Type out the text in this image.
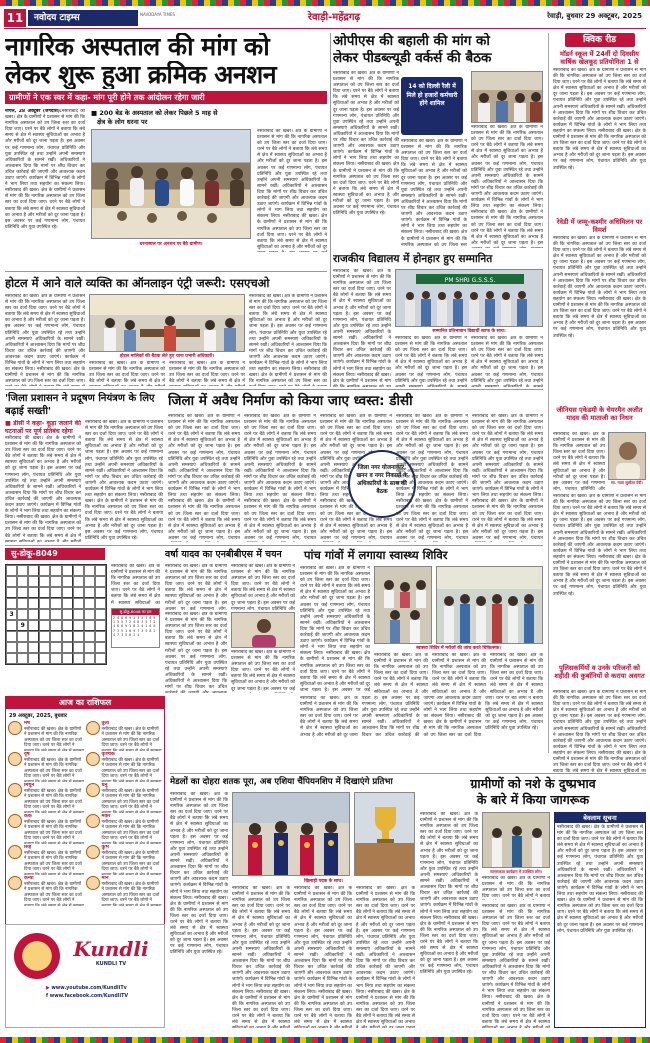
11	नवोदय टाइम्स	NAVODAYA TIMES	रेवाड़ी-महेंद्रगढ़	रेवाड़ी, बुधवार 29 अक्टूबर, 2025
नागरिक अस्पताल की मांग को
लेकर शुरू हुआ क्रमिक अनशन
ग्रामीणों ने एक स्वर में कहा- मांग पूरी होने तक आंदोलन रहेगा जारी
नांगल, 28 अक्टूबर (जगदीश): नसीराबाद की खबर। क्षेत्र के ग्रामीणों ने प्रशासन से मांग की कि नागरिक अस्पताल को उप जिला स्तर का दर्जा दिया जाए। धरने पर बैठे लोगों ने बताया कि लंबे समय से क्षेत्र में स्वास्थ्य सुविधाओं का अभाव है और मरीजों को दूर जाना पड़ता है। इस अवसर पर कई गणमान्य लोग, पंचायत प्रतिनिधि और युवा उपस्थित रहे तथा उन्होंने अपनी समस्याएं अधिकारियों के सामने रखीं। अधिकारियों ने आश्वासन दिया कि मांगों पर शीघ्र विचार कर उचित कार्रवाई की जाएगी और आवश्यक कदम उठाए जाएंगे। कार्यक्रम में विभिन्न गांवों के लोगों ने भाग लिया तथा सहयोग का संकल्प लिया। नसीराबाद की खबर। क्षेत्र के ग्रामीणों ने प्रशासन से मांग की कि नागरिक अस्पताल को उप जिला स्तर का दर्जा दिया जाए। धरने पर बैठे लोगों ने बताया कि लंबे समय से क्षेत्र में स्वास्थ्य सुविधाओं का अभाव है और मरीजों को दूर जाना पड़ता है। इस अवसर पर कई गणमान्य लोग, पंचायत प्रतिनिधि और युवा उपस्थित रहे।	■ 200 बेड के अस्पताल को लेकर पिछले 5 माह से
क्षेत्र के लोग धरना पर
धरनास्थल पर अनशन पर बैठे ग्रामीण।
नसीराबाद की खबर। क्षेत्र के ग्रामीणों ने प्रशासन से मांग की कि नागरिक अस्पताल को उप जिला स्तर का दर्जा दिया जाए। धरने पर बैठे लोगों ने बताया कि लंबे समय से क्षेत्र में स्वास्थ्य सुविधाओं का अभाव है और मरीजों को दूर जाना पड़ता है। इस अवसर पर कई गणमान्य लोग, पंचायत प्रतिनिधि और युवा उपस्थित रहे तथा उन्होंने अपनी समस्याएं अधिकारियों के सामने रखीं। अधिकारियों ने आश्वासन दिया कि मांगों पर शीघ्र विचार कर उचित कार्रवाई की जाएगी और आवश्यक कदम उठाए जाएंगे। कार्यक्रम में विभिन्न गांवों के लोगों ने भाग लिया तथा सहयोग का संकल्प लिया। नसीराबाद की खबर। क्षेत्र के ग्रामीणों ने प्रशासन से मांग की कि नागरिक अस्पताल को उप जिला स्तर का दर्जा दिया जाए। धरने पर बैठे लोगों ने बताया कि लंबे समय से क्षेत्र में स्वास्थ्य सुविधाओं का अभाव है और मरीजों को दूर जाना पड़ता है। इस अवसर पर कई गणमान्य लोग, पंचायत प्रतिनिधि और युवा उपस्थित रहे।
ओपीएस की बहाली की मांग को
लेकर पीडब्ल्यूडी वर्कर्स की बैठक
नसीराबाद की खबर। क्षेत्र के ग्रामीणों ने प्रशासन से मांग की कि नागरिक अस्पताल को उप जिला स्तर का दर्जा दिया जाए। धरने पर बैठे लोगों ने बताया कि लंबे समय से क्षेत्र में स्वास्थ्य सुविधाओं का अभाव है और मरीजों को दूर जाना पड़ता है। इस अवसर पर कई गणमान्य लोग, पंचायत प्रतिनिधि और युवा उपस्थित रहे तथा उन्होंने अपनी समस्याएं अधिकारियों के सामने रखीं। अधिकारियों ने आश्वासन दिया कि मांगों पर शीघ्र विचार कर उचित कार्रवाई की जाएगी और आवश्यक कदम उठाए जाएंगे। कार्यक्रम में विभिन्न गांवों के लोगों ने भाग लिया तथा सहयोग का संकल्प लिया। नसीराबाद की खबर। क्षेत्र के ग्रामीणों ने प्रशासन से मांग की कि नागरिक अस्पताल को उप जिला स्तर का दर्जा दिया जाए। धरने पर बैठे लोगों ने बताया कि लंबे समय से क्षेत्र में स्वास्थ्य सुविधाओं का अभाव है और मरीजों को दूर जाना पड़ता है। इस अवसर पर कई गणमान्य लोग, पंचायत प्रतिनिधि और युवा उपस्थित रहे।
14 को दिल्ली रैली में मिले हो हजारों कर्मचारी होंगे शामिल
नसीराबाद की खबर। क्षेत्र के ग्रामीणों ने प्रशासन से मांग की कि नागरिक अस्पताल को उप जिला स्तर का दर्जा दिया जाए। धरने पर बैठे लोगों ने बताया कि लंबे समय से क्षेत्र में स्वास्थ्य सुविधाओं का अभाव है और मरीजों को दूर जाना पड़ता है। इस अवसर पर कई गणमान्य लोग, पंचायत प्रतिनिधि और युवा उपस्थित रहे तथा उन्होंने अपनी समस्याएं अधिकारियों के सामने रखीं। अधिकारियों ने आश्वासन दिया कि मांगों पर शीघ्र विचार कर उचित कार्रवाई की जाएगी और आवश्यक कदम उठाए जाएंगे। कार्यक्रम में विभिन्न गांवों के लोगों ने भाग लिया तथा सहयोग का संकल्प लिया। नसीराबाद की खबर। क्षेत्र के ग्रामीणों ने प्रशासन से मांग की कि नागरिक अस्पताल को उप जिला स्तर का दर्जा दिया जाए। धरने पर बैठे लोगों ने बताया कि लंबे समय से क्षेत्र में स्वास्थ्य सुविधाओं का अभाव है और मरीजों को दूर जाना पड़ता है। इस अवसर पर कई गणमान्य लोग, पंचायत प्रतिनिधि और युवा उपस्थित रहे।
नसीराबाद की खबर। क्षेत्र के ग्रामीणों ने प्रशासन से मांग की कि नागरिक अस्पताल को उप जिला स्तर का दर्जा दिया जाए। धरने पर बैठे लोगों ने बताया कि लंबे समय से क्षेत्र में स्वास्थ्य सुविधाओं का अभाव है और मरीजों को दूर जाना पड़ता है। इस अवसर पर कई गणमान्य लोग, पंचायत प्रतिनिधि और युवा उपस्थित रहे तथा उन्होंने अपनी समस्याएं अधिकारियों के सामने रखीं। अधिकारियों ने आश्वासन दिया कि मांगों पर शीघ्र विचार कर उचित कार्रवाई की जाएगी और आवश्यक कदम उठाए जाएंगे। कार्यक्रम में विभिन्न गांवों के लोगों ने भाग लिया तथा सहयोग का संकल्प लिया। नसीराबाद की खबर। क्षेत्र के ग्रामीणों ने प्रशासन से मांग की कि नागरिक अस्पताल को उप जिला स्तर का दर्जा दिया जाए। धरने पर बैठे लोगों ने बताया कि लंबे समय से क्षेत्र में स्वास्थ्य सुविधाओं का अभाव है और मरीजों को दूर जाना पड़ता है। इस अवसर पर कई गणमान्य लोग, पंचायत प्रतिनिधि और युवा उपस्थित रहे।
क्विक रीड
मॉडर्न स्कूल में 24वीं दो दिवसीय वार्षिक खेलकूद प्रतियोगिता 1 से
नसीराबाद की खबर। क्षेत्र के ग्रामीणों ने प्रशासन से मांग की कि नागरिक अस्पताल को उप जिला स्तर का दर्जा दिया जाए। धरने पर बैठे लोगों ने बताया कि लंबे समय से क्षेत्र में स्वास्थ्य सुविधाओं का अभाव है और मरीजों को दूर जाना पड़ता है। इस अवसर पर कई गणमान्य लोग, पंचायत प्रतिनिधि और युवा उपस्थित रहे तथा उन्होंने अपनी समस्याएं अधिकारियों के सामने रखीं। अधिकारियों ने आश्वासन दिया कि मांगों पर शीघ्र विचार कर उचित कार्रवाई की जाएगी और आवश्यक कदम उठाए जाएंगे। कार्यक्रम में विभिन्न गांवों के लोगों ने भाग लिया तथा सहयोग का संकल्प लिया। नसीराबाद की खबर। क्षेत्र के ग्रामीणों ने प्रशासन से मांग की कि नागरिक अस्पताल को उप जिला स्तर का दर्जा दिया जाए। धरने पर बैठे लोगों ने बताया कि लंबे समय से क्षेत्र में स्वास्थ्य सुविधाओं का अभाव है और मरीजों को दूर जाना पड़ता है। इस अवसर पर कई गणमान्य लोग, पंचायत प्रतिनिधि और युवा उपस्थित रहे।
रेवेडी में जम्मू-कश्मीर अधिमिलन पर विमर्श
नसीराबाद की खबर। क्षेत्र के ग्रामीणों ने प्रशासन से मांग की कि नागरिक अस्पताल को उप जिला स्तर का दर्जा दिया जाए। धरने पर बैठे लोगों ने बताया कि लंबे समय से क्षेत्र में स्वास्थ्य सुविधाओं का अभाव है और मरीजों को दूर जाना पड़ता है। इस अवसर पर कई गणमान्य लोग, पंचायत प्रतिनिधि और युवा उपस्थित रहे तथा उन्होंने अपनी समस्याएं अधिकारियों के सामने रखीं। अधिकारियों ने आश्वासन दिया कि मांगों पर शीघ्र विचार कर उचित कार्रवाई की जाएगी और आवश्यक कदम उठाए जाएंगे। कार्यक्रम में विभिन्न गांवों के लोगों ने भाग लिया तथा सहयोग का संकल्प लिया। नसीराबाद की खबर। क्षेत्र के ग्रामीणों ने प्रशासन से मांग की कि नागरिक अस्पताल को उप जिला स्तर का दर्जा दिया जाए। धरने पर बैठे लोगों ने बताया कि लंबे समय से क्षेत्र में स्वास्थ्य सुविधाओं का अभाव है और मरीजों को दूर जाना पड़ता है। इस अवसर पर कई गणमान्य लोग, पंचायत प्रतिनिधि और युवा उपस्थित रहे।
जीनियस एकेडमी के चेयरमैन अजीत यादव की माताजी का निधन
नसीराबाद की खबर। क्षेत्र के ग्रामीणों ने प्रशासन से मांग की कि नागरिक अस्पताल को उप जिला स्तर का दर्जा दिया जाए। धरने पर बैठे लोगों ने बताया कि लंबे समय से क्षेत्र में स्वास्थ्य सुविधाओं का अभाव है और मरीजों को दूर जाना पड़ता है। इस अवसर पर कई गणमान्य लोग, पंचायत प्रतिनिधि और युवा उपस्थित रहे तथा उन्होंने अपनी समस्याएं अधिकारियों के सामने रखीं। अधिकारियों ने आश्वासन दिया कि मांगों पर शीघ्र विचार कर उचित कार्रवाई की जाएगी और आवश्यक कदम उठाए जाएंगे। कार्यक्रम में विभिन्न गांवों के लोगों ने भाग लिया तथा सहयोग का संकल्प लिया। नसीराबाद की खबर। क्षेत्र के ग्रामीणों ने प्रशासन से मांग की कि नागरिक अस्पताल को उप जिला स्तर का दर्जा दिया जाए। धरने पर बैठे लोगों ने बताया कि लंबे समय से क्षेत्र में स्वास्थ्य सुविधाओं का अभाव है और मरीजों को दूर जाना पड़ता है। इस अवसर पर कई गणमान्य लोग, पंचायत प्रतिनिधि और युवा उपस्थित रहे।
स्व. माता सुशीला देवी।
नसीराबाद की खबर। क्षेत्र के ग्रामीणों ने प्रशासन से मांग की कि नागरिक अस्पताल को उप जिला स्तर का दर्जा दिया जाए। धरने पर बैठे लोगों ने बताया कि लंबे समय से क्षेत्र में स्वास्थ्य सुविधाओं का अभाव है और मरीजों को दूर जाना पड़ता है। इस अवसर पर कई गणमान्य लोग, पंचायत प्रतिनिधि और युवा उपस्थित रहे तथा उन्होंने अपनी समस्याएं अधिकारियों के सामने रखीं। अधिकारियों ने आश्वासन दिया कि मांगों पर शीघ्र विचार कर उचित कार्रवाई की जाएगी और आवश्यक कदम उठाए जाएंगे। कार्यक्रम में विभिन्न गांवों के लोगों ने भाग लिया तथा सहयोग का संकल्प लिया। नसीराबाद की खबर। क्षेत्र के ग्रामीणों ने प्रशासन से मांग की कि नागरिक अस्पताल को उप जिला स्तर का दर्जा दिया जाए। धरने पर बैठे लोगों ने बताया कि लंबे समय से क्षेत्र में स्वास्थ्य सुविधाओं का अभाव है और मरीजों को दूर जाना पड़ता है। इस अवसर पर कई गणमान्य लोग, पंचायत प्रतिनिधि और युवा उपस्थित रहे।
पुलिसकर्मियों व उनके परिजनों को शहीदी की कुर्बानियों से कराया अवगत
नसीराबाद की खबर। क्षेत्र के ग्रामीणों ने प्रशासन से मांग की कि नागरिक अस्पताल को उप जिला स्तर का दर्जा दिया जाए। धरने पर बैठे लोगों ने बताया कि लंबे समय से क्षेत्र में स्वास्थ्य सुविधाओं का अभाव है और मरीजों को दूर जाना पड़ता है। इस अवसर पर कई गणमान्य लोग, पंचायत प्रतिनिधि और युवा उपस्थित रहे तथा उन्होंने अपनी समस्याएं अधिकारियों के सामने रखीं। अधिकारियों ने आश्वासन दिया कि मांगों पर शीघ्र विचार कर उचित कार्रवाई की जाएगी और आवश्यक कदम उठाए जाएंगे। कार्यक्रम में विभिन्न गांवों के लोगों ने भाग लिया तथा सहयोग का संकल्प लिया। नसीराबाद की खबर। क्षेत्र के ग्रामीणों ने प्रशासन से मांग की कि नागरिक अस्पताल को उप जिला स्तर का दर्जा दिया जाए। धरने पर बैठे लोगों ने बताया कि लंबे समय से क्षेत्र में स्वास्थ्य सुविधाओं का अभाव है और मरीजों को दूर जाना पड़ता है। इस अवसर पर कई गणमान्य लोग, पंचायत प्रतिनिधि और युवा उपस्थित रहे।
राजकीय विद्यालय में होनहार हुए सम्मानित
नसीराबाद की खबर। क्षेत्र के ग्रामीणों ने प्रशासन से मांग की कि नागरिक अस्पताल को उप जिला स्तर का दर्जा दिया जाए। धरने पर बैठे लोगों ने बताया कि लंबे समय से क्षेत्र में स्वास्थ्य सुविधाओं का अभाव है और मरीजों को दूर जाना पड़ता है। इस अवसर पर कई गणमान्य लोग, पंचायत प्रतिनिधि और युवा उपस्थित रहे तथा उन्होंने अपनी समस्याएं अधिकारियों के सामने रखीं। अधिकारियों ने आश्वासन दिया कि मांगों पर शीघ्र विचार कर उचित कार्रवाई की जाएगी और आवश्यक कदम उठाए जाएंगे। कार्यक्रम में विभिन्न गांवों के लोगों ने भाग लिया तथा सहयोग का संकल्प लिया। नसीराबाद की खबर। क्षेत्र के ग्रामीणों ने प्रशासन से मांग की कि नागरिक अस्पताल को उप जिला स्तर का दर्जा दिया जाए। धरने पर बैठे लोगों ने बताया कि लंबे समय से क्षेत्र में स्वास्थ्य सुविधाओं का अभाव है और मरीजों को दूर जाना पड़ता है। इस अवसर पर कई गणमान्य लोग, पंचायत प्रतिनिधि और युवा उपस्थित रहे।
PM SHRI G.S.S.S.
सम्मानित प्रतिभावान विद्यार्थी स्टाफ के साथ।
नसीराबाद की खबर। क्षेत्र के ग्रामीणों ने प्रशासन से मांग की कि नागरिक अस्पताल को उप जिला स्तर का दर्जा दिया जाए। धरने पर बैठे लोगों ने बताया कि लंबे समय से क्षेत्र में स्वास्थ्य सुविधाओं का अभाव है और मरीजों को दूर जाना पड़ता है। इस अवसर पर कई गणमान्य लोग, पंचायत प्रतिनिधि और युवा उपस्थित रहे तथा उन्होंने अपनी समस्याएं अधिकारियों के सामने रखीं। अधिकारियों ने आश्वासन दिया कि मांगों पर शीघ्र विचार कर उचित कार्रवाई की जाएगी और आवश्यक कदम उठाए जाएंगे। कार्यक्रम में विभिन्न गांवों के लोगों ने भाग लिया तथा सहयोग का संकल्प लिया। नसीराबाद की खबर। क्षेत्र के ग्रामीणों ने प्रशासन से मांग की कि नागरिक अस्पताल को उप जिला स्तर का दर्जा दिया जाए। धरने पर बैठे लोगों ने बताया कि लंबे समय से क्षेत्र में स्वास्थ्य सुविधाओं का अभाव है और मरीजों को दूर जाना पड़ता है। इस अवसर पर कई गणमान्य लोग, पंचायत प्रतिनिधि और युवा उपस्थित रहे।
नसीराबाद की खबर। क्षेत्र के ग्रामीणों ने प्रशासन से मांग की कि नागरिक अस्पताल को उप जिला स्तर का दर्जा दिया जाए। धरने पर बैठे लोगों ने बताया कि लंबे समय से क्षेत्र में स्वास्थ्य सुविधाओं का अभाव है और मरीजों को दूर जाना पड़ता है। इस अवसर पर कई गणमान्य लोग, पंचायत प्रतिनिधि और युवा उपस्थित रहे तथा उन्होंने अपनी समस्याएं अधिकारियों के सामने रखीं। अधिकारियों ने आश्वासन दिया कि मांगों पर शीघ्र विचार कर उचित कार्रवाई की जाएगी और आवश्यक कदम उठाए जाएंगे। कार्यक्रम में विभिन्न गांवों के लोगों ने भाग लिया तथा सहयोग का संकल्प लिया। नसीराबाद की खबर। क्षेत्र के ग्रामीणों ने प्रशासन से मांग की कि नागरिक अस्पताल को उप जिला स्तर का दर्जा दिया जाए। धरने पर बैठे लोगों ने बताया कि लंबे समय से क्षेत्र में स्वास्थ्य सुविधाओं का अभाव है और मरीजों को दूर जाना पड़ता है। इस अवसर पर कई गणमान्य लोग, पंचायत प्रतिनिधि और युवा उपस्थित रहे।
होटल में आने वाले व्यक्ति का ऑनलाइन एंट्री जरूरी: एसएचओ
नसीराबाद की खबर। क्षेत्र के ग्रामीणों ने प्रशासन से मांग की कि नागरिक अस्पताल को उप जिला स्तर का दर्जा दिया जाए। धरने पर बैठे लोगों ने बताया कि लंबे समय से क्षेत्र में स्वास्थ्य सुविधाओं का अभाव है और मरीजों को दूर जाना पड़ता है। इस अवसर पर कई गणमान्य लोग, पंचायत प्रतिनिधि और युवा उपस्थित रहे तथा उन्होंने अपनी समस्याएं अधिकारियों के सामने रखीं। अधिकारियों ने आश्वासन दिया कि मांगों पर शीघ्र विचार कर उचित कार्रवाई की जाएगी और आवश्यक कदम उठाए जाएंगे। कार्यक्रम में विभिन्न गांवों के लोगों ने भाग लिया तथा सहयोग का संकल्प लिया। नसीराबाद की खबर। क्षेत्र के ग्रामीणों ने प्रशासन से मांग की कि नागरिक अस्पताल को उप जिला स्तर का दर्जा दिया जाए। धरने पर बैठे लोगों ने बताया कि लंबे समय से क्षेत्र में स्वास्थ्य सुविधाओं का अभाव है और मरीजों को दूर जाना पड़ता है। इस अवसर पर कई गणमान्य लोग, पंचायत प्रतिनिधि और युवा उपस्थित रहे।
होटल मालिकों की बैठक लेते हुए थाना प्रभारी अधिकारी।
नसीराबाद की खबर। क्षेत्र के ग्रामीणों ने प्रशासन से मांग की कि नागरिक अस्पताल को उप जिला स्तर का दर्जा दिया जाए। धरने पर बैठे लोगों ने बताया कि लंबे समय से क्षेत्र में स्वास्थ्य सुविधाओं का अभाव है और मरीजों को दूर जाना पड़ता है। इस अवसर पर कई गणमान्य लोग, पंचायत प्रतिनिधि और युवा उपस्थित रहे तथा उन्होंने अपनी समस्याएं अधिकारियों के सामने रखीं। अधिकारियों ने आश्वासन दिया कि मांगों पर शीघ्र विचार कर उचित कार्रवाई की जाएगी और आवश्यक कदम उठाए जाएंगे। कार्यक्रम में विभिन्न गांवों के लोगों ने भाग लिया तथा सहयोग का संकल्प लिया। नसीराबाद की खबर। क्षेत्र के ग्रामीणों ने प्रशासन से मांग की कि नागरिक अस्पताल को उप जिला स्तर का दर्जा दिया जाए। धरने पर बैठे लोगों ने बताया कि लंबे समय से क्षेत्र में स्वास्थ्य सुविधाओं का अभाव है और मरीजों को दूर जाना पड़ता है। इस अवसर पर कई गणमान्य लोग, पंचायत प्रतिनिधि और युवा उपस्थित रहे।
नसीराबाद की खबर। क्षेत्र के ग्रामीणों ने प्रशासन से मांग की कि नागरिक अस्पताल को उप जिला स्तर का दर्जा दिया जाए। धरने पर बैठे लोगों ने बताया कि लंबे समय से क्षेत्र में स्वास्थ्य सुविधाओं का अभाव है और मरीजों को दूर जाना पड़ता है। इस अवसर पर कई गणमान्य लोग, पंचायत प्रतिनिधि और युवा उपस्थित रहे तथा उन्होंने अपनी समस्याएं अधिकारियों के सामने रखीं। अधिकारियों ने आश्वासन दिया कि मांगों पर शीघ्र विचार कर उचित कार्रवाई की जाएगी और आवश्यक कदम उठाए जाएंगे। कार्यक्रम में विभिन्न गांवों के लोगों ने भाग लिया तथा सहयोग का संकल्प लिया। नसीराबाद की खबर। क्षेत्र के ग्रामीणों ने प्रशासन से मांग की कि नागरिक अस्पताल को उप जिला स्तर का दर्जा दिया जाए। धरने पर बैठे लोगों ने बताया कि लंबे समय से क्षेत्र में स्वास्थ्य सुविधाओं का अभाव है और मरीजों को दूर जाना पड़ता है। इस अवसर पर कई गणमान्य लोग, पंचायत प्रतिनिधि और युवा उपस्थित रहे।
नसीराबाद की खबर। क्षेत्र के ग्रामीणों ने प्रशासन से मांग की कि नागरिक अस्पताल को उप जिला स्तर का दर्जा दिया जाए। धरने पर बैठे लोगों ने बताया कि लंबे समय से क्षेत्र में स्वास्थ्य सुविधाओं का अभाव है और मरीजों को दूर जाना पड़ता है। इस अवसर पर कई गणमान्य लोग, पंचायत प्रतिनिधि और युवा उपस्थित रहे तथा उन्होंने अपनी समस्याएं अधिकारियों के सामने रखीं। अधिकारियों ने आश्वासन दिया कि मांगों पर शीघ्र विचार कर उचित कार्रवाई की जाएगी और आवश्यक कदम उठाए जाएंगे। कार्यक्रम में विभिन्न गांवों के लोगों ने भाग लिया तथा सहयोग का संकल्प लिया। नसीराबाद की खबर। क्षेत्र के ग्रामीणों ने प्रशासन से मांग की कि नागरिक अस्पताल को उप जिला स्तर का दर्जा दिया जाए। धरने पर बैठे लोगों ने बताया कि लंबे समय से क्षेत्र में स्वास्थ्य सुविधाओं का अभाव है और मरीजों को दूर जाना पड़ता है। इस अवसर पर कई गणमान्य लोग, पंचायत प्रतिनिधि और युवा उपस्थित रहे।
'जिला प्रशासन ने प्रदूषण नियंत्रण के लिए बढ़ाई सख्ती'
■ डीसी ने कहा- कूड़ा जलाने की घटनाओं पर पूर्ण प्रतिबंध रहेगा
नसीराबाद की खबर। क्षेत्र के ग्रामीणों ने प्रशासन से मांग की कि नागरिक अस्पताल को उप जिला स्तर का दर्जा दिया जाए। धरने पर बैठे लोगों ने बताया कि लंबे समय से क्षेत्र में स्वास्थ्य सुविधाओं का अभाव है और मरीजों को दूर जाना पड़ता है। इस अवसर पर कई गणमान्य लोग, पंचायत प्रतिनिधि और युवा उपस्थित रहे तथा उन्होंने अपनी समस्याएं अधिकारियों के सामने रखीं। अधिकारियों ने आश्वासन दिया कि मांगों पर शीघ्र विचार कर उचित कार्रवाई की जाएगी और आवश्यक कदम उठाए जाएंगे। कार्यक्रम में विभिन्न गांवों के लोगों ने भाग लिया तथा सहयोग का संकल्प लिया। नसीराबाद की खबर। क्षेत्र के ग्रामीणों ने प्रशासन से मांग की कि नागरिक अस्पताल को उप जिला स्तर का दर्जा दिया जाए। धरने पर बैठे लोगों ने बताया कि लंबे समय से क्षेत्र में स्वास्थ्य सुविधाओं का अभाव है और मरीजों को दूर जाना पड़ता है। इस अवसर पर कई गणमान्य लोग, पंचायत प्रतिनिधि और युवा उपस्थित रहे।
नसीराबाद की खबर। क्षेत्र के ग्रामीणों ने प्रशासन से मांग की कि नागरिक अस्पताल को उप जिला स्तर का दर्जा दिया जाए। धरने पर बैठे लोगों ने बताया कि लंबे समय से क्षेत्र में स्वास्थ्य सुविधाओं का अभाव है और मरीजों को दूर जाना पड़ता है। इस अवसर पर कई गणमान्य लोग, पंचायत प्रतिनिधि और युवा उपस्थित रहे तथा उन्होंने अपनी समस्याएं अधिकारियों के सामने रखीं। अधिकारियों ने आश्वासन दिया कि मांगों पर शीघ्र विचार कर उचित कार्रवाई की जाएगी और आवश्यक कदम उठाए जाएंगे। कार्यक्रम में विभिन्न गांवों के लोगों ने भाग लिया तथा सहयोग का संकल्प लिया। नसीराबाद की खबर। क्षेत्र के ग्रामीणों ने प्रशासन से मांग की कि नागरिक अस्पताल को उप जिला स्तर का दर्जा दिया जाए। धरने पर बैठे लोगों ने बताया कि लंबे समय से क्षेत्र में स्वास्थ्य सुविधाओं का अभाव है और मरीजों को दूर जाना पड़ता है। इस अवसर पर कई गणमान्य लोग, पंचायत प्रतिनिधि और युवा उपस्थित रहे।
जिला में अवैध निर्माण को किया जाए ध्वस्त: डीसी
नसीराबाद की खबर। क्षेत्र के ग्रामीणों ने प्रशासन से मांग की कि नागरिक अस्पताल को उप जिला स्तर का दर्जा दिया जाए। धरने पर बैठे लोगों ने बताया कि लंबे समय से क्षेत्र में स्वास्थ्य सुविधाओं का अभाव है और मरीजों को दूर जाना पड़ता है। इस अवसर पर कई गणमान्य लोग, पंचायत प्रतिनिधि और युवा उपस्थित रहे तथा उन्होंने अपनी समस्याएं अधिकारियों के सामने रखीं। अधिकारियों ने आश्वासन दिया कि मांगों पर शीघ्र विचार कर उचित कार्रवाई की जाएगी और आवश्यक कदम उठाए जाएंगे। कार्यक्रम में विभिन्न गांवों के लोगों ने भाग लिया तथा सहयोग का संकल्प लिया। नसीराबाद की खबर। क्षेत्र के ग्रामीणों ने प्रशासन से मांग की कि नागरिक अस्पताल को उप जिला स्तर का दर्जा दिया जाए। धरने पर बैठे लोगों ने बताया कि लंबे समय से क्षेत्र में स्वास्थ्य सुविधाओं का अभाव है और मरीजों को दूर जाना पड़ता है। इस अवसर पर कई गणमान्य लोग, पंचायत प्रतिनिधि और युवा उपस्थित रहे।
नसीराबाद की खबर। क्षेत्र के ग्रामीणों ने प्रशासन से मांग की कि नागरिक अस्पताल को उप जिला स्तर का दर्जा दिया जाए। धरने पर बैठे लोगों ने बताया कि लंबे समय से क्षेत्र में स्वास्थ्य सुविधाओं का अभाव है और मरीजों को दूर जाना पड़ता है। इस अवसर पर कई गणमान्य लोग, पंचायत प्रतिनिधि और युवा उपस्थित रहे तथा उन्होंने अपनी समस्याएं अधिकारियों के सामने रखीं। अधिकारियों ने आश्वासन दिया कि मांगों पर शीघ्र विचार कर उचित कार्रवाई की जाएगी और आवश्यक कदम उठाए जाएंगे। कार्यक्रम में विभिन्न गांवों के लोगों ने भाग लिया तथा सहयोग का संकल्प लिया। नसीराबाद की खबर। क्षेत्र के ग्रामीणों ने प्रशासन से मांग की कि नागरिक अस्पताल को उप जिला स्तर का दर्जा दिया जाए। धरने पर बैठे लोगों ने बताया कि लंबे समय से क्षेत्र में स्वास्थ्य सुविधाओं का अभाव है और मरीजों को दूर जाना पड़ता है। इस अवसर पर कई गणमान्य लोग, पंचायत प्रतिनिधि और युवा उपस्थित रहे।
नसीराबाद की खबर। क्षेत्र के ग्रामीणों ने प्रशासन से मांग की कि नागरिक अस्पताल को उप जिला स्तर का दर्जा दिया जाए। धरने पर बैठे लोगों ने बताया कि लंबे समय से क्षेत्र में स्वास्थ्य सुविधाओं का अभाव है और मरीजों को दूर जाना पड़ता है। इस अवसर पर कई गणमान्य लोग, पंचायत प्रतिनिधि और युवा उपस्थित रहे तथा उन्होंने अपनी समस्याएं अधिकारियों के सामने रखीं। अधिकारियों ने आश्वासन दिया कि मांगों पर शीघ्र विचार कर उचित कार्रवाई की जाएगी और आवश्यक कदम उठाए जाएंगे। कार्यक्रम में विभिन्न गांवों के लोगों ने भाग लिया तथा सहयोग का संकल्प लिया। नसीराबाद की खबर। क्षेत्र के ग्रामीणों ने प्रशासन से मांग की कि नागरिक अस्पताल को उप जिला स्तर का दर्जा दिया जाए। धरने पर बैठे लोगों ने बताया कि लंबे समय से क्षेत्र में स्वास्थ्य सुविधाओं का अभाव है और मरीजों को दूर जाना पड़ता है। इस अवसर पर कई गणमान्य लोग, पंचायत प्रतिनिधि और युवा उपस्थित रहे।
जिला नगर योजनाकार, खनन व नगर निकायों के अधिकारियों के साथ की बैठक
नसीराबाद की खबर। क्षेत्र के ग्रामीणों ने प्रशासन से मांग की कि नागरिक अस्पताल को उप जिला स्तर का दर्जा दिया जाए। धरने पर बैठे लोगों ने बताया कि लंबे समय से क्षेत्र में स्वास्थ्य सुविधाओं का अभाव है और मरीजों को दूर जाना पड़ता है। इस अवसर पर कई गणमान्य लोग, पंचायत प्रतिनिधि और युवा उपस्थित रहे तथा उन्होंने अपनी समस्याएं अधिकारियों के सामने रखीं। अधिकारियों ने आश्वासन दिया कि मांगों पर शीघ्र विचार कर उचित कार्रवाई की जाएगी और आवश्यक कदम उठाए जाएंगे। कार्यक्रम में विभिन्न गांवों के लोगों ने भाग लिया तथा सहयोग का संकल्प लिया। नसीराबाद की खबर। क्षेत्र के ग्रामीणों ने प्रशासन से मांग की कि नागरिक अस्पताल को उप जिला स्तर का दर्जा दिया जाए। धरने पर बैठे लोगों ने बताया कि लंबे समय से क्षेत्र में स्वास्थ्य सुविधाओं का अभाव है और मरीजों को दूर जाना पड़ता है। इस अवसर पर कई गणमान्य लोग, पंचायत प्रतिनिधि और युवा उपस्थित रहे।
नसीराबाद की खबर। क्षेत्र के ग्रामीणों ने प्रशासन से मांग की कि नागरिक अस्पताल को उप जिला स्तर का दर्जा दिया जाए। धरने पर बैठे लोगों ने बताया कि लंबे समय से क्षेत्र में स्वास्थ्य सुविधाओं का अभाव है और मरीजों को दूर जाना पड़ता है। इस अवसर पर कई गणमान्य लोग, पंचायत प्रतिनिधि और युवा उपस्थित रहे तथा उन्होंने अपनी समस्याएं अधिकारियों के सामने रखीं। अधिकारियों ने आश्वासन दिया कि मांगों पर शीघ्र विचार कर उचित कार्रवाई की जाएगी और आवश्यक कदम उठाए जाएंगे। कार्यक्रम में विभिन्न गांवों के लोगों ने भाग लिया तथा सहयोग का संकल्प लिया। नसीराबाद की खबर। क्षेत्र के ग्रामीणों ने प्रशासन से मांग की कि नागरिक अस्पताल को उप जिला स्तर का दर्जा दिया जाए। धरने पर बैठे लोगों ने बताया कि लंबे समय से क्षेत्र में स्वास्थ्य सुविधाओं का अभाव है और मरीजों को दूर जाना पड़ता है। इस अवसर पर कई गणमान्य लोग, पंचायत प्रतिनिधि और युवा उपस्थित रहे।
सु-डोकू-8049
3
9
नसीराबाद की खबर। क्षेत्र के ग्रामीणों ने प्रशासन से मांग की कि नागरिक अस्पताल को उप जिला स्तर का दर्जा दिया जाए। धरने पर बैठे लोगों ने बताया कि लंबे समय से क्षेत्र में स्वास्थ्य सुविधाओं का अभाव है और मरीजों को दूर जाना पड़ता है। इस अवसर पर कई गणमान्य लोग, पंचायत प्रतिनिधि और युवा उपस्थित रहे तथा उन्होंने अपनी समस्याएं अधिकारियों के सामने रखीं। अधिकारियों ने आश्वासन दिया कि मांगों पर शीघ्र विचार कर उचित कार्रवाई की जाएगी और आवश्यक कदम उठाए जाएंगे। कार्यक्रम में विभिन्न गांवों के लोगों ने भाग लिया तथा सहयोग का संकल्प लिया।
सु-डोकू-8048 का हल
2 4 8 6 9 1 3 5 7 6 9 1 3 5 7 2 4 8 3 5 7 2 4 8 6 9 1 8 2 4 1 6 9 7 3 5 1 6 9 7 3 5 8 2 4 7 3 5 8 2 4
वर्षा यादव का एनबीबीएस में चयन
नसीराबाद की खबर। क्षेत्र के ग्रामीणों ने प्रशासन से मांग की कि नागरिक अस्पताल को उप जिला स्तर का दर्जा दिया जाए। धरने पर बैठे लोगों ने बताया कि लंबे समय से क्षेत्र में स्वास्थ्य सुविधाओं का अभाव है और मरीजों को दूर जाना पड़ता है। इस अवसर पर कई गणमान्य लोग, पंचायत प्रतिनिधि और युवा उपस्थित रहे तथा उन्होंने अपनी समस्याएं अधिकारियों के सामने रखीं। अधिकारियों ने आश्वासन दिया कि मांगों पर शीघ्र विचार कर उचित कार्रवाई की जाएगी और आवश्यक कदम उठाए जाएंगे। कार्यक्रम में विभिन्न गांवों के लोगों ने भाग लिया तथा सहयोग का संकल्प लिया।
नसीराबाद की खबर। क्षेत्र के ग्रामीणों ने प्रशासन से मांग की कि नागरिक अस्पताल को उप जिला स्तर का दर्जा दिया जाए। धरने पर बैठे लोगों ने बताया कि लंबे समय से क्षेत्र में स्वास्थ्य सुविधाओं का अभाव है और मरीजों को दूर जाना पड़ता है। इस अवसर पर कई गणमान्य लोग, पंचायत प्रतिनिधि और युवा उपस्थित रहे तथा उन्होंने अपनी समस्याएं अधिकारियों के सामने रखीं। अधिकारियों ने आश्वासन दिया कि मांगों पर शीघ्र विचार कर उचित कार्रवाई की जाएगी और आवश्यक कदम उठाए जाएंगे। कार्यक्रम में विभिन्न गांवों के लोगों ने भाग लिया तथा सहयोग का संकल्प लिया।
नसीराबाद की खबर। क्षेत्र के ग्रामीणों ने प्रशासन से मांग की कि नागरिक अस्पताल को उप जिला स्तर का दर्जा दिया जाए। धरने पर बैठे लोगों ने बताया कि लंबे समय से क्षेत्र में स्वास्थ्य सुविधाओं का अभाव है और मरीजों को दूर जाना पड़ता है। इस अवसर पर कई गणमान्य लोग, पंचायत प्रतिनिधि और युवा उपस्थित रहे तथा उन्होंने अपनी समस्याएं अधिकारियों के सामने रखीं। अधिकारियों ने आश्वासन दिया कि मांगों पर शीघ्र विचार कर उचित कार्रवाई की जाएगी और आवश्यक कदम उठाए जाएंगे। कार्यक्रम में विभिन्न गांवों के लोगों ने भाग लिया तथा सहयोग का संकल्प लिया।
नसीराबाद की खबर। क्षेत्र के ग्रामीणों ने प्रशासन से मांग की कि नागरिक अस्पताल को उप जिला स्तर का दर्जा दिया जाए। धरने पर बैठे लोगों ने बताया कि लंबे समय से क्षेत्र में स्वास्थ्य सुविधाओं का अभाव है और मरीजों को दूर जाना पड़ता है। इस अवसर पर कई गणमान्य लोग, पंचायत प्रतिनिधि और युवा उपस्थित रहे तथा उन्होंने अपनी समस्याएं अधिकारियों के सामने रखीं। अधिकारियों ने आश्वासन दिया कि मांगों पर शीघ्र विचार कर उचित कार्रवाई की जाएगी और आवश्यक कदम उठाए जाएंगे। कार्यक्रम में विभिन्न गांवों के लोगों ने भाग लिया तथा सहयोग का संकल्प लिया।	पांच गांवों में लगाया स्वास्थ्य शिविर
नसीराबाद की खबर। क्षेत्र के ग्रामीणों ने प्रशासन से मांग की कि नागरिक अस्पताल को उप जिला स्तर का दर्जा दिया जाए। धरने पर बैठे लोगों ने बताया कि लंबे समय से क्षेत्र में स्वास्थ्य सुविधाओं का अभाव है और मरीजों को दूर जाना पड़ता है। इस अवसर पर कई गणमान्य लोग, पंचायत प्रतिनिधि और युवा उपस्थित रहे तथा उन्होंने अपनी समस्याएं अधिकारियों के सामने रखीं। अधिकारियों ने आश्वासन दिया कि मांगों पर शीघ्र विचार कर उचित कार्रवाई की जाएगी और आवश्यक कदम उठाए जाएंगे। कार्यक्रम में विभिन्न गांवों के लोगों ने भाग लिया तथा सहयोग का संकल्प लिया। नसीराबाद की खबर। क्षेत्र के ग्रामीणों ने प्रशासन से मांग की कि नागरिक अस्पताल को उप जिला स्तर का दर्जा दिया जाए। धरने पर बैठे लोगों ने बताया कि लंबे समय से क्षेत्र में स्वास्थ्य सुविधाओं का अभाव है और मरीजों को दूर जाना पड़ता है। इस अवसर पर कई गणमान्य लोग, पंचायत प्रतिनिधि और युवा उपस्थित रहे।
स्वास्थ्य शिविर में मरीजों की जांच करते चिकित्सक।
नसीराबाद की खबर। क्षेत्र के ग्रामीणों ने प्रशासन से मांग की कि नागरिक अस्पताल को उप जिला स्तर का दर्जा दिया जाए। धरने पर बैठे लोगों ने बताया कि लंबे समय से क्षेत्र में स्वास्थ्य सुविधाओं का अभाव है और मरीजों को दूर जाना पड़ता है। इस अवसर पर कई गणमान्य लोग, पंचायत प्रतिनिधि और युवा उपस्थित रहे तथा उन्होंने अपनी समस्याएं अधिकारियों के सामने रखीं। अधिकारियों ने आश्वासन दिया कि मांगों पर शीघ्र विचार कर उचित कार्रवाई की जाएगी और आवश्यक कदम उठाए जाएंगे। कार्यक्रम में विभिन्न गांवों के लोगों ने भाग लिया तथा सहयोग का संकल्प लिया।
नसीराबाद की खबर। क्षेत्र के ग्रामीणों ने प्रशासन से मांग की कि नागरिक अस्पताल को उप जिला स्तर का दर्जा दिया जाए। धरने पर बैठे लोगों ने बताया कि लंबे समय से क्षेत्र में स्वास्थ्य सुविधाओं का अभाव है और मरीजों को दूर जाना पड़ता है। इस अवसर पर कई गणमान्य लोग, पंचायत प्रतिनिधि और युवा उपस्थित रहे तथा उन्होंने अपनी समस्याएं अधिकारियों के सामने रखीं। अधिकारियों ने आश्वासन दिया कि मांगों पर शीघ्र विचार कर उचित कार्रवाई की जाएगी और आवश्यक कदम उठाए जाएंगे। कार्यक्रम में विभिन्न गांवों के लोगों ने भाग लिया तथा सहयोग का संकल्प लिया।
नसीराबाद की खबर। क्षेत्र के ग्रामीणों ने प्रशासन से मांग की कि नागरिक अस्पताल को उप जिला स्तर का दर्जा दिया जाए। धरने पर बैठे लोगों ने बताया कि लंबे समय से क्षेत्र में स्वास्थ्य सुविधाओं का अभाव है और मरीजों को दूर जाना पड़ता है। इस अवसर पर कई गणमान्य लोग, पंचायत प्रतिनिधि और युवा उपस्थित रहे तथा उन्होंने अपनी समस्याएं अधिकारियों के सामने रखीं। अधिकारियों ने आश्वासन दिया कि मांगों पर शीघ्र विचार कर उचित कार्रवाई की जाएगी और आवश्यक कदम उठाए जाएंगे। कार्यक्रम में विभिन्न गांवों के लोगों ने भाग लिया तथा सहयोग का संकल्प लिया।
नसीराबाद की खबर। क्षेत्र के ग्रामीणों ने प्रशासन से मांग की कि नागरिक अस्पताल को उप जिला स्तर का दर्जा दिया जाए। धरने पर बैठे लोगों ने बताया कि लंबे समय से क्षेत्र में स्वास्थ्य सुविधाओं का अभाव है और मरीजों को दूर जाना पड़ता है। इस अवसर पर कई गणमान्य लोग, पंचायत प्रतिनिधि और युवा उपस्थित रहे तथा उन्होंने अपनी समस्याएं अधिकारियों के सामने रखीं। अधिकारियों ने आश्वासन दिया कि मांगों पर शीघ्र विचार कर उचित कार्रवाई की जाएगी और आवश्यक कदम उठाए जाएंगे। कार्यक्रम में विभिन्न गांवों के लोगों ने भाग लिया तथा सहयोग का संकल्प लिया। नसीराबाद की खबर। क्षेत्र के ग्रामीणों ने प्रशासन से मांग की कि नागरिक अस्पताल को उप जिला स्तर का दर्जा दिया जाए। धरने पर बैठे लोगों ने बताया कि लंबे समय से क्षेत्र में स्वास्थ्य सुविधाओं का अभाव है और मरीजों को दूर जाना पड़ता है। इस अवसर पर कई गणमान्य लोग, पंचायत प्रतिनिधि और युवा उपस्थित रहे।
आज का राशिफल
29 अक्टूबर, 2025, बुधवार
मेष
नसीराबाद की खबर। क्षेत्र के ग्रामीणों ने प्रशासन से मांग की कि नागरिक अस्पताल को उप जिला स्तर का दर्जा दिया जाए। धरने पर बैठे लोगों ने बताया कि लंबे समय से क्षेत्र में स्वास्थ्य सुविधाओं का अभाव है और मरीजों को दूर जाना पड़ता है। इस अवसर पर कई गणमान्य लोग, पंचायत प्रतिनिधि और युवा उपस्थित रहे तथा उन्होंने अपनी समस्याएं अधिकारियों के सामने रखीं। अधिकारियों ने आश्वासन दिया कि मांगों पर शीघ्र विचार कर उचित कार्रवाई की जाएगी और आवश्यक कदम उठाए जाएंगे। कार्यक्रम में विभिन्न गांवों के लोगों ने भाग लिया तथा सहयोग का संकल्प लिया।	तुला
नसीराबाद की खबर। क्षेत्र के ग्रामीणों ने प्रशासन से मांग की कि नागरिक अस्पताल को उप जिला स्तर का दर्जा दिया जाए। धरने पर बैठे लोगों ने बताया कि लंबे समय से क्षेत्र में स्वास्थ्य सुविधाओं का अभाव है और मरीजों को दूर जाना पड़ता है। इस अवसर पर कई गणमान्य लोग, पंचायत प्रतिनिधि और युवा उपस्थित रहे तथा उन्होंने अपनी समस्याएं अधिकारियों के सामने रखीं। अधिकारियों ने आश्वासन दिया कि मांगों पर शीघ्र विचार कर उचित कार्रवाई की जाएगी और आवश्यक कदम उठाए जाएंगे। कार्यक्रम में विभिन्न गांवों के लोगों ने भाग लिया तथा सहयोग का संकल्प लिया।
वृष
नसीराबाद की खबर। क्षेत्र के ग्रामीणों ने प्रशासन से मांग की कि नागरिक अस्पताल को उप जिला स्तर का दर्जा दिया जाए। धरने पर बैठे लोगों ने बताया कि लंबे समय से क्षेत्र में स्वास्थ्य सुविधाओं का अभाव है और मरीजों को दूर जाना पड़ता है। इस अवसर पर कई गणमान्य लोग, पंचायत प्रतिनिधि और युवा उपस्थित रहे तथा उन्होंने अपनी समस्याएं अधिकारियों के सामने रखीं। अधिकारियों ने आश्वासन दिया कि मांगों पर शीघ्र विचार कर उचित कार्रवाई की जाएगी और आवश्यक कदम उठाए जाएंगे। कार्यक्रम में विभिन्न गांवों के लोगों ने भाग लिया तथा सहयोग का संकल्प लिया।	वृश्चिक
नसीराबाद की खबर। क्षेत्र के ग्रामीणों ने प्रशासन से मांग की कि नागरिक अस्पताल को उप जिला स्तर का दर्जा दिया जाए। धरने पर बैठे लोगों ने बताया कि लंबे समय से क्षेत्र में स्वास्थ्य सुविधाओं का अभाव है और मरीजों को दूर जाना पड़ता है। इस अवसर पर कई गणमान्य लोग, पंचायत प्रतिनिधि और युवा उपस्थित रहे तथा उन्होंने अपनी समस्याएं अधिकारियों के सामने रखीं। अधिकारियों ने आश्वासन दिया कि मांगों पर शीघ्र विचार कर उचित कार्रवाई की जाएगी और आवश्यक कदम उठाए जाएंगे। कार्यक्रम में विभिन्न गांवों के लोगों ने भाग लिया तथा सहयोग का संकल्प लिया।
मिथुन
नसीराबाद की खबर। क्षेत्र के ग्रामीणों ने प्रशासन से मांग की कि नागरिक अस्पताल को उप जिला स्तर का दर्जा दिया जाए। धरने पर बैठे लोगों ने बताया कि लंबे समय से क्षेत्र में स्वास्थ्य सुविधाओं का अभाव है और मरीजों को दूर जाना पड़ता है। इस अवसर पर कई गणमान्य लोग, पंचायत प्रतिनिधि और युवा उपस्थित रहे तथा उन्होंने अपनी समस्याएं अधिकारियों के सामने रखीं। अधिकारियों ने आश्वासन दिया कि मांगों पर शीघ्र विचार कर उचित कार्रवाई की जाएगी और आवश्यक कदम उठाए जाएंगे। कार्यक्रम में विभिन्न गांवों के लोगों ने भाग लिया तथा सहयोग का संकल्प लिया।	धनु
नसीराबाद की खबर। क्षेत्र के ग्रामीणों ने प्रशासन से मांग की कि नागरिक अस्पताल को उप जिला स्तर का दर्जा दिया जाए। धरने पर बैठे लोगों ने बताया कि लंबे समय से क्षेत्र में स्वास्थ्य सुविधाओं का अभाव है और मरीजों को दूर जाना पड़ता है। इस अवसर पर कई गणमान्य लोग, पंचायत प्रतिनिधि और युवा उपस्थित रहे तथा उन्होंने अपनी समस्याएं अधिकारियों के सामने रखीं। अधिकारियों ने आश्वासन दिया कि मांगों पर शीघ्र विचार कर उचित कार्रवाई की जाएगी और आवश्यक कदम उठाए जाएंगे। कार्यक्रम में विभिन्न गांवों के लोगों ने भाग लिया तथा सहयोग का संकल्प लिया।
कर्क
नसीराबाद की खबर। क्षेत्र के ग्रामीणों ने प्रशासन से मांग की कि नागरिक अस्पताल को उप जिला स्तर का दर्जा दिया जाए। धरने पर बैठे लोगों ने बताया कि लंबे समय से क्षेत्र में स्वास्थ्य सुविधाओं का अभाव है और मरीजों को दूर जाना पड़ता है। इस अवसर पर कई गणमान्य लोग, पंचायत प्रतिनिधि और युवा उपस्थित रहे तथा उन्होंने अपनी समस्याएं अधिकारियों के सामने रखीं। अधिकारियों ने आश्वासन दिया कि मांगों पर शीघ्र विचार कर उचित कार्रवाई की जाएगी और आवश्यक कदम उठाए जाएंगे। कार्यक्रम में विभिन्न गांवों के लोगों ने भाग लिया तथा सहयोग का संकल्प लिया।	मकर
नसीराबाद की खबर। क्षेत्र के ग्रामीणों ने प्रशासन से मांग की कि नागरिक अस्पताल को उप जिला स्तर का दर्जा दिया जाए। धरने पर बैठे लोगों ने बताया कि लंबे समय से क्षेत्र में स्वास्थ्य सुविधाओं का अभाव है और मरीजों को दूर जाना पड़ता है। इस अवसर पर कई गणमान्य लोग, पंचायत प्रतिनिधि और युवा उपस्थित रहे तथा उन्होंने अपनी समस्याएं अधिकारियों के सामने रखीं। अधिकारियों ने आश्वासन दिया कि मांगों पर शीघ्र विचार कर उचित कार्रवाई की जाएगी और आवश्यक कदम उठाए जाएंगे। कार्यक्रम में विभिन्न गांवों के लोगों ने भाग लिया तथा सहयोग का संकल्प लिया।
सिंह
नसीराबाद की खबर। क्षेत्र के ग्रामीणों ने प्रशासन से मांग की कि नागरिक अस्पताल को उप जिला स्तर का दर्जा दिया जाए। धरने पर बैठे लोगों ने बताया कि लंबे समय से क्षेत्र में स्वास्थ्य सुविधाओं का अभाव है और मरीजों को दूर जाना पड़ता है। इस अवसर पर कई गणमान्य लोग, पंचायत प्रतिनिधि और युवा उपस्थित रहे तथा उन्होंने अपनी समस्याएं अधिकारियों के सामने रखीं। अधिकारियों ने आश्वासन दिया कि मांगों पर शीघ्र विचार कर उचित कार्रवाई की जाएगी और आवश्यक कदम उठाए जाएंगे। कार्यक्रम में विभिन्न गांवों के लोगों ने भाग लिया तथा सहयोग का संकल्प लिया।	कुंभ
नसीराबाद की खबर। क्षेत्र के ग्रामीणों ने प्रशासन से मांग की कि नागरिक अस्पताल को उप जिला स्तर का दर्जा दिया जाए। धरने पर बैठे लोगों ने बताया कि लंबे समय से क्षेत्र में स्वास्थ्य सुविधाओं का अभाव है और मरीजों को दूर जाना पड़ता है। इस अवसर पर कई गणमान्य लोग, पंचायत प्रतिनिधि और युवा उपस्थित रहे तथा उन्होंने अपनी समस्याएं अधिकारियों के सामने रखीं। अधिकारियों ने आश्वासन दिया कि मांगों पर शीघ्र विचार कर उचित कार्रवाई की जाएगी और आवश्यक कदम उठाए जाएंगे। कार्यक्रम में विभिन्न गांवों के लोगों ने भाग लिया तथा सहयोग का संकल्प लिया।
कन्या
नसीराबाद की खबर। क्षेत्र के ग्रामीणों ने प्रशासन से मांग की कि नागरिक अस्पताल को उप जिला स्तर का दर्जा दिया जाए। धरने पर बैठे लोगों ने बताया कि लंबे समय से क्षेत्र में स्वास्थ्य सुविधाओं का अभाव है और मरीजों को दूर जाना पड़ता है। इस अवसर पर कई गणमान्य लोग, पंचायत प्रतिनिधि और युवा उपस्थित रहे तथा उन्होंने अपनी समस्याएं अधिकारियों के सामने रखीं। अधिकारियों ने आश्वासन दिया कि मांगों पर शीघ्र विचार कर उचित कार्रवाई की जाएगी और आवश्यक कदम उठाए जाएंगे। कार्यक्रम में विभिन्न गांवों के लोगों ने भाग लिया तथा सहयोग का संकल्प लिया।	मीन
नसीराबाद की खबर। क्षेत्र के ग्रामीणों ने प्रशासन से मांग की कि नागरिक अस्पताल को उप जिला स्तर का दर्जा दिया जाए। धरने पर बैठे लोगों ने बताया कि लंबे समय से क्षेत्र में स्वास्थ्य सुविधाओं का अभाव है और मरीजों को दूर जाना पड़ता है। इस अवसर पर कई गणमान्य लोग, पंचायत प्रतिनिधि और युवा उपस्थित रहे तथा उन्होंने अपनी समस्याएं अधिकारियों के सामने रखीं। अधिकारियों ने आश्वासन दिया कि मांगों पर शीघ्र विचार कर उचित कार्रवाई की जाएगी और आवश्यक कदम उठाए जाएंगे। कार्यक्रम में विभिन्न गांवों के लोगों ने भाग लिया तथा सहयोग का संकल्प लिया।
Kundli
KUNDLI TV
▶ www.youtube.com/KundliTv
f www.facebook.com/KundliTV
मेडलों का दोहरा शतक पूरा, अब एशिया चैंपियनशिप में दिखाएंगे प्रतिभा
नसीराबाद की खबर। क्षेत्र के ग्रामीणों ने प्रशासन से मांग की कि नागरिक अस्पताल को उप जिला स्तर का दर्जा दिया जाए। धरने पर बैठे लोगों ने बताया कि लंबे समय से क्षेत्र में स्वास्थ्य सुविधाओं का अभाव है और मरीजों को दूर जाना पड़ता है। इस अवसर पर कई गणमान्य लोग, पंचायत प्रतिनिधि और युवा उपस्थित रहे तथा उन्होंने अपनी समस्याएं अधिकारियों के सामने रखीं। अधिकारियों ने आश्वासन दिया कि मांगों पर शीघ्र विचार कर उचित कार्रवाई की जाएगी और आवश्यक कदम उठाए जाएंगे। कार्यक्रम में विभिन्न गांवों के लोगों ने भाग लिया तथा सहयोग का संकल्प लिया। नसीराबाद की खबर। क्षेत्र के ग्रामीणों ने प्रशासन से मांग की कि नागरिक अस्पताल को उप जिला स्तर का दर्जा दिया जाए। धरने पर बैठे लोगों ने बताया कि लंबे समय से क्षेत्र में स्वास्थ्य सुविधाओं का अभाव है और मरीजों को दूर जाना पड़ता है। इस अवसर पर कई गणमान्य लोग, पंचायत प्रतिनिधि और युवा उपस्थित रहे।
खिलाड़ी पदक के साथ।
नसीराबाद की खबर। क्षेत्र के ग्रामीणों ने प्रशासन से मांग की कि नागरिक अस्पताल को उप जिला स्तर का दर्जा दिया जाए। धरने पर बैठे लोगों ने बताया कि लंबे समय से क्षेत्र में स्वास्थ्य सुविधाओं का अभाव है और मरीजों को दूर जाना पड़ता है। इस अवसर पर कई गणमान्य लोग, पंचायत प्रतिनिधि और युवा उपस्थित रहे तथा उन्होंने अपनी समस्याएं अधिकारियों के सामने रखीं। अधिकारियों ने आश्वासन दिया कि मांगों पर शीघ्र विचार कर उचित कार्रवाई की जाएगी और आवश्यक कदम उठाए जाएंगे। कार्यक्रम में विभिन्न गांवों के लोगों ने भाग लिया तथा सहयोग का संकल्प लिया। नसीराबाद की खबर। क्षेत्र के ग्रामीणों ने प्रशासन से मांग की कि नागरिक अस्पताल को उप जिला स्तर का दर्जा दिया जाए। धरने पर बैठे लोगों ने बताया कि लंबे समय से क्षेत्र में स्वास्थ्य सुविधाओं का अभाव है और मरीजों को दूर जाना पड़ता है। इस अवसर पर कई गणमान्य लोग, पंचायत प्रतिनिधि और युवा उपस्थित रहे।
नसीराबाद की खबर। क्षेत्र के ग्रामीणों ने प्रशासन से मांग की कि नागरिक अस्पताल को उप जिला स्तर का दर्जा दिया जाए। धरने पर बैठे लोगों ने बताया कि लंबे समय से क्षेत्र में स्वास्थ्य सुविधाओं का अभाव है और मरीजों को दूर जाना पड़ता है। इस अवसर पर कई गणमान्य लोग, पंचायत प्रतिनिधि और युवा उपस्थित रहे तथा उन्होंने अपनी समस्याएं अधिकारियों के सामने रखीं। अधिकारियों ने आश्वासन दिया कि मांगों पर शीघ्र विचार कर उचित कार्रवाई की जाएगी और आवश्यक कदम उठाए जाएंगे। कार्यक्रम में विभिन्न गांवों के लोगों ने भाग लिया तथा सहयोग का संकल्प लिया। नसीराबाद की खबर। क्षेत्र के ग्रामीणों ने प्रशासन से मांग की कि नागरिक अस्पताल को उप जिला स्तर का दर्जा दिया जाए। धरने पर बैठे लोगों ने बताया कि लंबे समय से क्षेत्र में स्वास्थ्य सुविधाओं का अभाव है और मरीजों को दूर जाना पड़ता है। इस अवसर पर कई गणमान्य लोग, पंचायत प्रतिनिधि और युवा उपस्थित रहे।
नसीराबाद की खबर। क्षेत्र के ग्रामीणों ने प्रशासन से मांग की कि नागरिक अस्पताल को उप जिला स्तर का दर्जा दिया जाए। धरने पर बैठे लोगों ने बताया कि लंबे समय से क्षेत्र में स्वास्थ्य सुविधाओं का अभाव है और मरीजों को दूर जाना पड़ता है। इस अवसर पर कई गणमान्य लोग, पंचायत प्रतिनिधि और युवा उपस्थित रहे तथा उन्होंने अपनी समस्याएं अधिकारियों के सामने रखीं। अधिकारियों ने आश्वासन दिया कि मांगों पर शीघ्र विचार कर उचित कार्रवाई की जाएगी और आवश्यक कदम उठाए जाएंगे। कार्यक्रम में विभिन्न गांवों के लोगों ने भाग लिया तथा सहयोग का संकल्प लिया। नसीराबाद की खबर। क्षेत्र के ग्रामीणों ने प्रशासन से मांग की कि नागरिक अस्पताल को उप जिला स्तर का दर्जा दिया जाए। धरने पर बैठे लोगों ने बताया कि लंबे समय से क्षेत्र में स्वास्थ्य सुविधाओं का अभाव है और मरीजों को दूर जाना पड़ता है। इस अवसर पर कई गणमान्य लोग, पंचायत प्रतिनिधि और युवा उपस्थित रहे।
ग्रामीणों को नशे के दुष्प्रभाव
के बारे में किया जागरूक
नसीराबाद की खबर। क्षेत्र के ग्रामीणों ने प्रशासन से मांग की कि नागरिक अस्पताल को उप जिला स्तर का दर्जा दिया जाए। धरने पर बैठे लोगों ने बताया कि लंबे समय से क्षेत्र में स्वास्थ्य सुविधाओं का अभाव है और मरीजों को दूर जाना पड़ता है। इस अवसर पर कई गणमान्य लोग, पंचायत प्रतिनिधि और युवा उपस्थित रहे तथा उन्होंने अपनी समस्याएं अधिकारियों के सामने रखीं। अधिकारियों ने आश्वासन दिया कि मांगों पर शीघ्र विचार कर उचित कार्रवाई की जाएगी और आवश्यक कदम उठाए जाएंगे। कार्यक्रम में विभिन्न गांवों के लोगों ने भाग लिया तथा सहयोग का संकल्प लिया। नसीराबाद की खबर। क्षेत्र के ग्रामीणों ने प्रशासन से मांग की कि नागरिक अस्पताल को उप जिला स्तर का दर्जा दिया जाए। धरने पर बैठे लोगों ने बताया कि लंबे समय से क्षेत्र में स्वास्थ्य सुविधाओं का अभाव है और मरीजों को दूर जाना पड़ता है। इस अवसर पर कई गणमान्य लोग, पंचायत प्रतिनिधि और युवा उपस्थित रहे।
जागरूकता कार्यक्रम में उपस्थित लोग।
नसीराबाद की खबर। क्षेत्र के ग्रामीणों ने प्रशासन से मांग की कि नागरिक अस्पताल को उप जिला स्तर का दर्जा दिया जाए। धरने पर बैठे लोगों ने बताया कि लंबे समय से क्षेत्र में स्वास्थ्य सुविधाओं का अभाव है और मरीजों को दूर जाना पड़ता है। इस अवसर पर कई गणमान्य लोग, पंचायत प्रतिनिधि और युवा उपस्थित रहे तथा उन्होंने अपनी समस्याएं अधिकारियों के सामने रखीं। अधिकारियों ने आश्वासन दिया कि मांगों पर शीघ्र विचार कर उचित कार्रवाई की जाएगी और आवश्यक कदम उठाए जाएंगे। कार्यक्रम में विभिन्न गांवों के लोगों ने भाग लिया तथा सहयोग का संकल्प लिया।
बेवलाम सूचना
नसीराबाद की खबर। क्षेत्र के ग्रामीणों ने प्रशासन से मांग की कि नागरिक अस्पताल को उप जिला स्तर का दर्जा दिया जाए। धरने पर बैठे लोगों ने बताया कि लंबे समय से क्षेत्र में स्वास्थ्य सुविधाओं का अभाव है और मरीजों को दूर जाना पड़ता है। इस अवसर पर कई गणमान्य लोग, पंचायत प्रतिनिधि और युवा उपस्थित रहे तथा उन्होंने अपनी समस्याएं अधिकारियों के सामने रखीं। अधिकारियों ने आश्वासन दिया कि मांगों पर शीघ्र विचार कर उचित कार्रवाई की जाएगी और आवश्यक कदम उठाए जाएंगे। कार्यक्रम में विभिन्न गांवों के लोगों ने भाग लिया तथा सहयोग का संकल्प लिया। नसीराबाद की खबर। क्षेत्र के ग्रामीणों ने प्रशासन से मांग की कि नागरिक अस्पताल को उप जिला स्तर का दर्जा दिया जाए। धरने पर बैठे लोगों ने बताया कि लंबे समय से क्षेत्र में स्वास्थ्य सुविधाओं का अभाव है और मरीजों को दूर जाना पड़ता है। इस अवसर पर कई गणमान्य लोग, पंचायत प्रतिनिधि और युवा उपस्थित रहे।
नसीराबाद की खबर। क्षेत्र के ग्रामीणों ने प्रशासन से मांग की कि नागरिक अस्पताल को उप जिला स्तर का दर्जा दिया जाए। धरने पर बैठे लोगों ने बताया कि लंबे समय से क्षेत्र में स्वास्थ्य सुविधाओं का अभाव है और मरीजों को दूर जाना पड़ता है। इस अवसर पर कई गणमान्य लोग, पंचायत प्रतिनिधि और युवा उपस्थित रहे तथा उन्होंने अपनी समस्याएं अधिकारियों के सामने रखीं। अधिकारियों ने आश्वासन दिया कि मांगों पर शीघ्र विचार कर उचित कार्रवाई की जाएगी और आवश्यक कदम उठाए जाएंगे। कार्यक्रम में विभिन्न गांवों के लोगों ने भाग लिया तथा सहयोग का संकल्प लिया। नसीराबाद की खबर। क्षेत्र के ग्रामीणों ने प्रशासन से मांग की कि नागरिक अस्पताल को उप जिला स्तर का दर्जा दिया जाए। धरने पर बैठे लोगों ने बताया कि लंबे समय से क्षेत्र में स्वास्थ्य सुविधाओं का अभाव है और मरीजों को दूर जाना पड़ता है। इस अवसर पर कई गणमान्य लोग, पंचायत प्रतिनिधि और युवा उपस्थित रहे।
